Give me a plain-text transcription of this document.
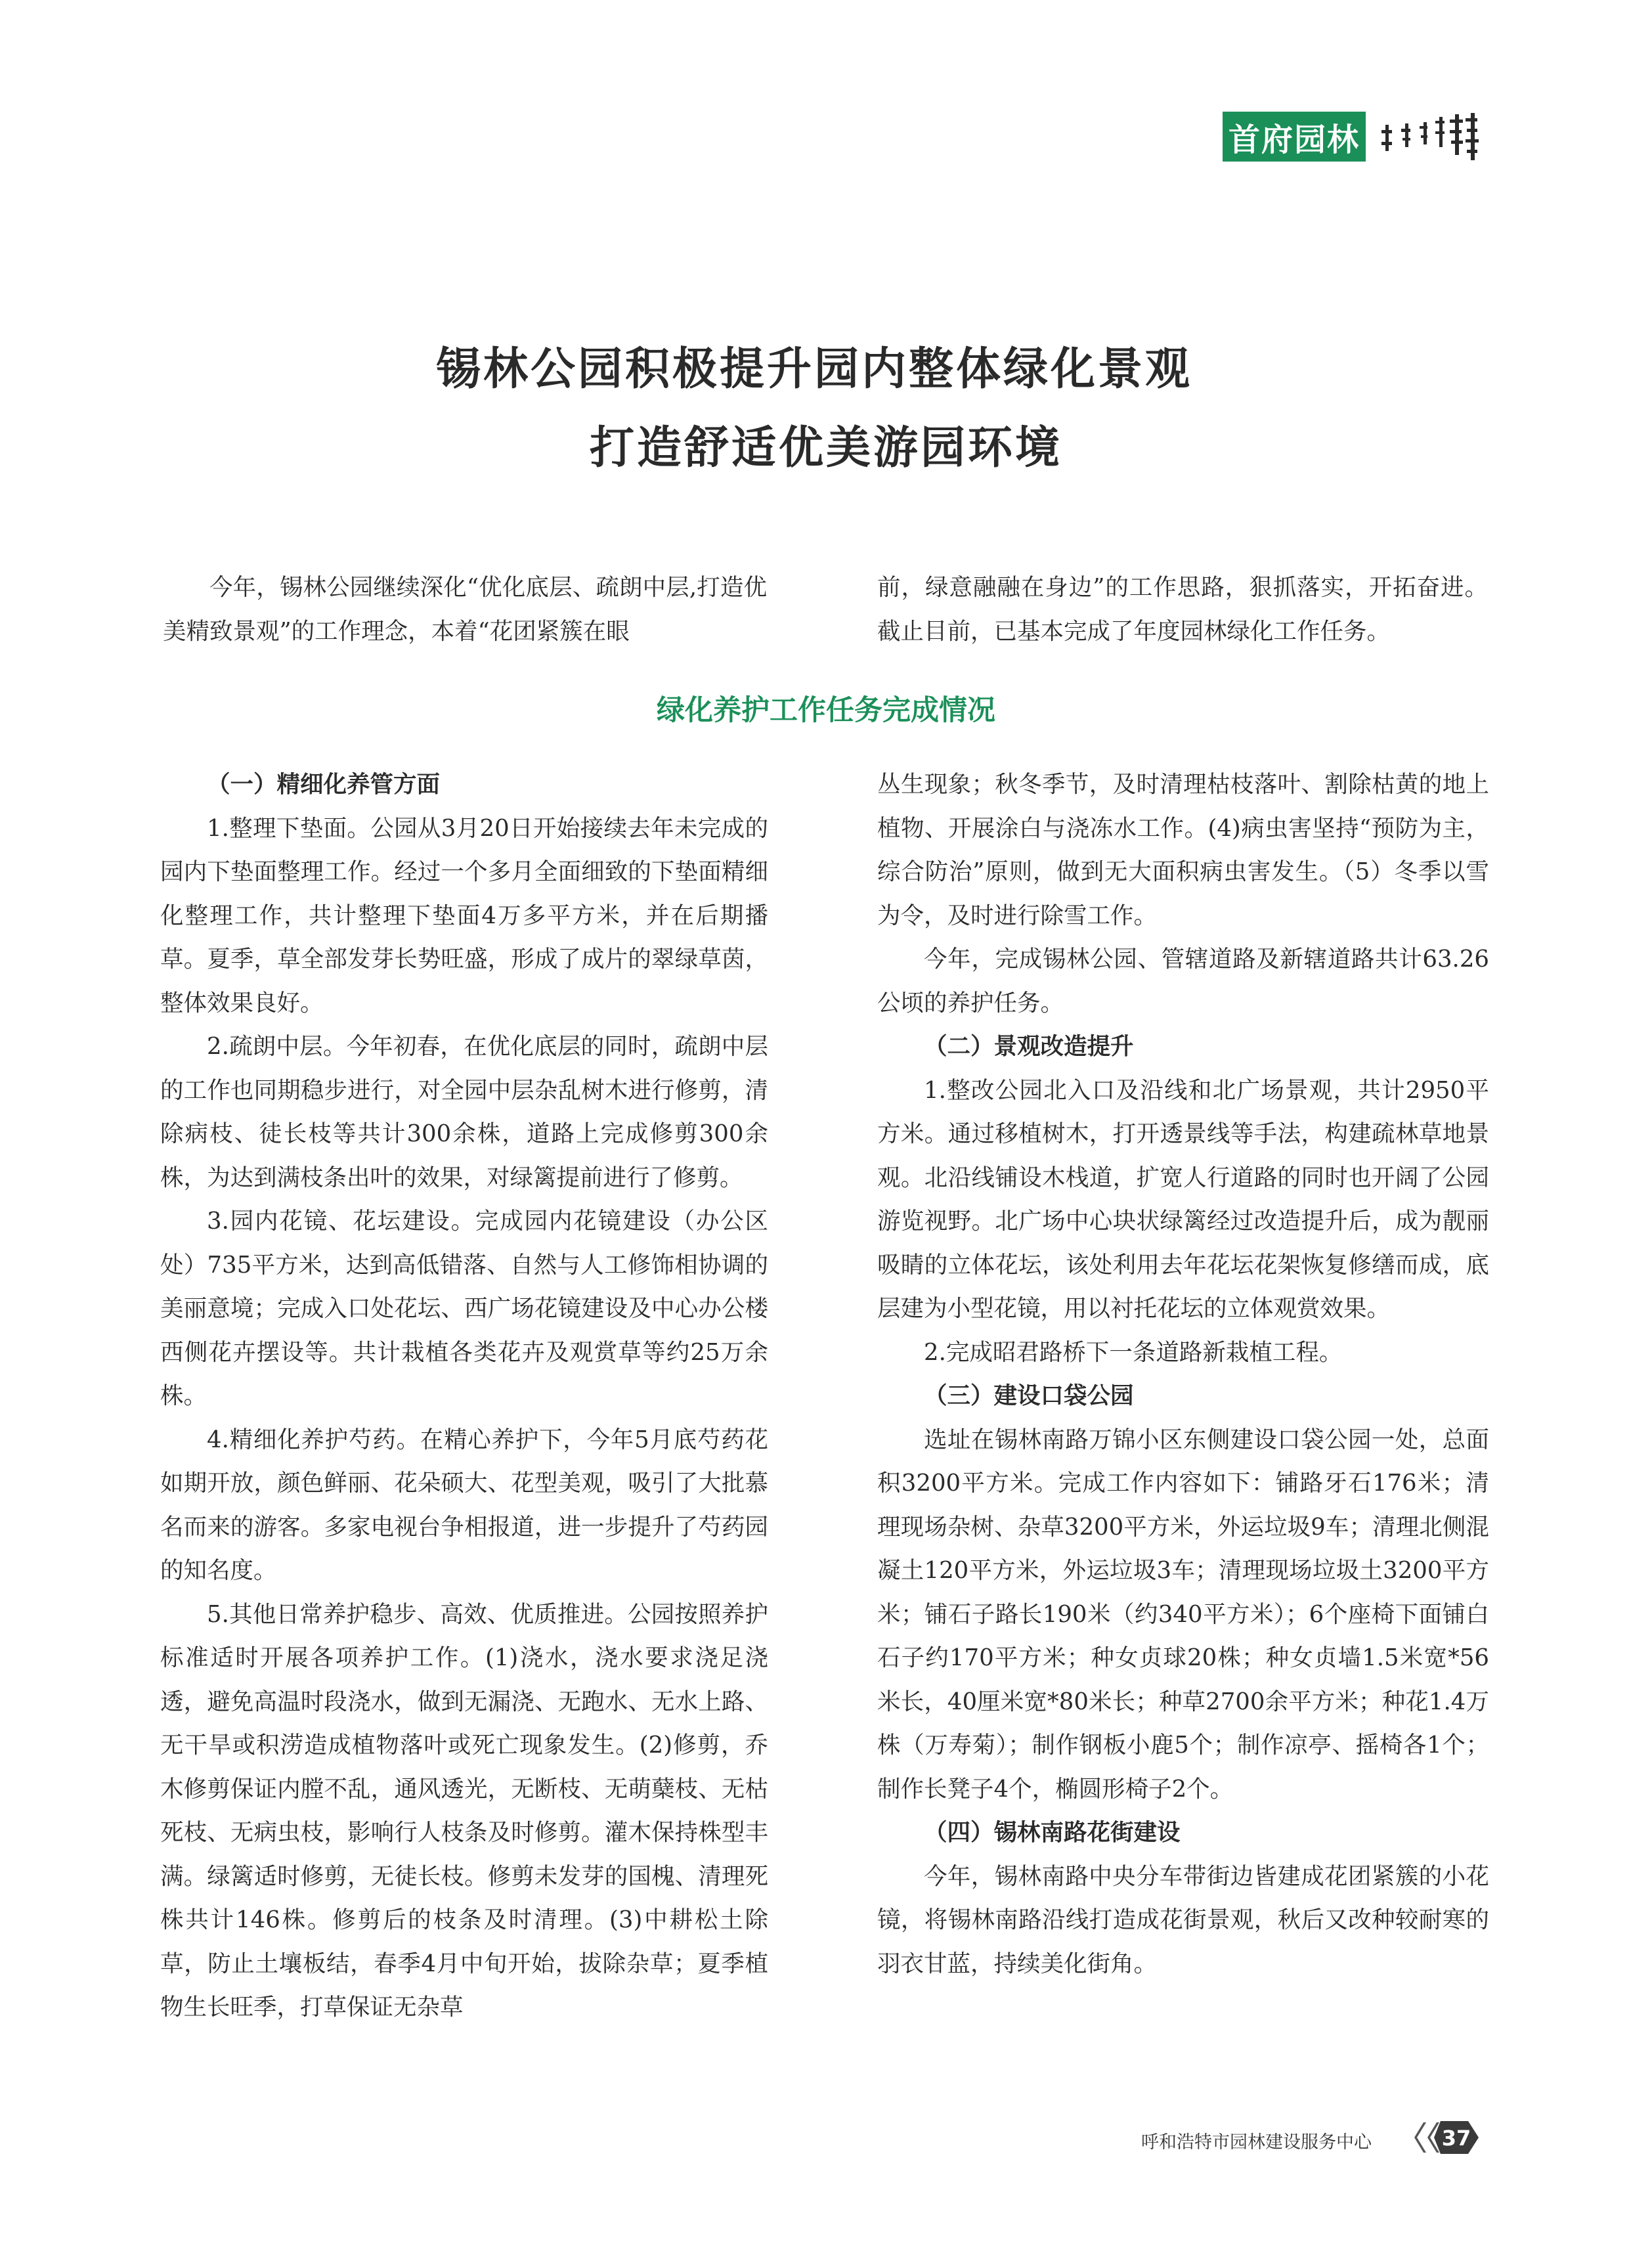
首府园林
锡林公园积极提升园内整体绿化景观
打造舒适优美游园环境

今年，锡林公园继续深化“优化底层、疏朗中层,打造优美精致景观”的工作理念，本着“花团紧簇在眼

前，绿意融融在身边”的工作思路，狠抓落实，开拓奋进。截止目前，已基本完成了年度园林绿化工作任务。

绿化养护工作任务完成情况

（一）精细化养管方面

1.整理下垫面。公园从3月20日开始接续去年未完成的园内下垫面整理工作。经过一个多月全面细致的下垫面精细化整理工作，共计整理下垫面4万多平方米，并在后期播草。夏季，草全部发芽长势旺盛，形成了成片的翠绿草茵，整体效果良好。

2.疏朗中层。今年初春，在优化底层的同时，疏朗中层的工作也同期稳步进行，对全园中层杂乱树木进行修剪，清除病枝、徒长枝等共计300余株，道路上完成修剪300余株，为达到满枝条出叶的效果，对绿篱提前进行了修剪。

3.园内花镜、花坛建设。完成园内花镜建设（办公区处）735平方米，达到高低错落、自然与人工修饰相协调的美丽意境；完成入口处花坛、西广场花镜建设及中心办公楼西侧花卉摆设等。共计栽植各类花卉及观赏草等约25万余株。

4.精细化养护芍药。在精心养护下，今年5月底芍药花如期开放，颜色鲜丽、花朵硕大、花型美观，吸引了大批慕名而来的游客。多家电视台争相报道，进一步提升了芍药园的知名度。

5.其他日常养护稳步、高效、优质推进。公园按照养护标准适时开展各项养护工作。(1)浇水，浇水要求浇足浇透，避免高温时段浇水，做到无漏浇、无跑水、无水上路、无干旱或积涝造成植物落叶或死亡现象发生。(2)修剪，乔木修剪保证内膛不乱，通风透光，无断枝、无萌蘖枝、无枯死枝、无病虫枝，影响行人枝条及时修剪。灌木保持株型丰满。绿篱适时修剪，无徒长枝。修剪未发芽的国槐、清理死株共计146株。修剪后的枝条及时清理。(3)中耕松土除草，防止土壤板结，春季4月中旬开始，拔除杂草；夏季植物生长旺季，打草保证无杂草

丛生现象；秋冬季节，及时清理枯枝落叶、割除枯黄的地上植物、开展涂白与浇冻水工作。(4)病虫害坚持“预防为主，综合防治”原则，做到无大面积病虫害发生。（5）冬季以雪为令，及时进行除雪工作。

今年，完成锡林公园、管辖道路及新辖道路共计63.26公顷的养护任务。

（二）景观改造提升

1.整改公园北入口及沿线和北广场景观，共计2950平方米。通过移植树木，打开透景线等手法，构建疏林草地景观。北沿线铺设木栈道，扩宽人行道路的同时也开阔了公园游览视野。北广场中心块状绿篱经过改造提升后，成为靓丽吸睛的立体花坛，该处利用去年花坛花架恢复修缮而成，底层建为小型花镜，用以衬托花坛的立体观赏效果。

2.完成昭君路桥下一条道路新栽植工程。

（三）建设口袋公园

选址在锡林南路万锦小区东侧建设口袋公园一处，总面积3200平方米。完成工作内容如下：铺路牙石176米；清理现场杂树、杂草3200平方米，外运垃圾9车；清理北侧混凝土120平方米，外运垃圾3车；清理现场垃圾土3200平方米；铺石子路长190米（约340平方米）；6个座椅下面铺白石子约170平方米；种女贞球20株；种女贞墙1.5米宽*56米长，40厘米宽*80米长；种草2700余平方米；种花1.4万株（万寿菊）；制作钢板小鹿5个；制作凉亭、摇椅各1个；制作长凳子4个，椭圆形椅子2个。

（四）锡林南路花街建设

今年，锡林南路中央分车带街边皆建成花团紧簇的小花镜，将锡林南路沿线打造成花街景观，秋后又改种较耐寒的羽衣甘蓝，持续美化街角。

呼和浩特市园林建设服务中心	37
